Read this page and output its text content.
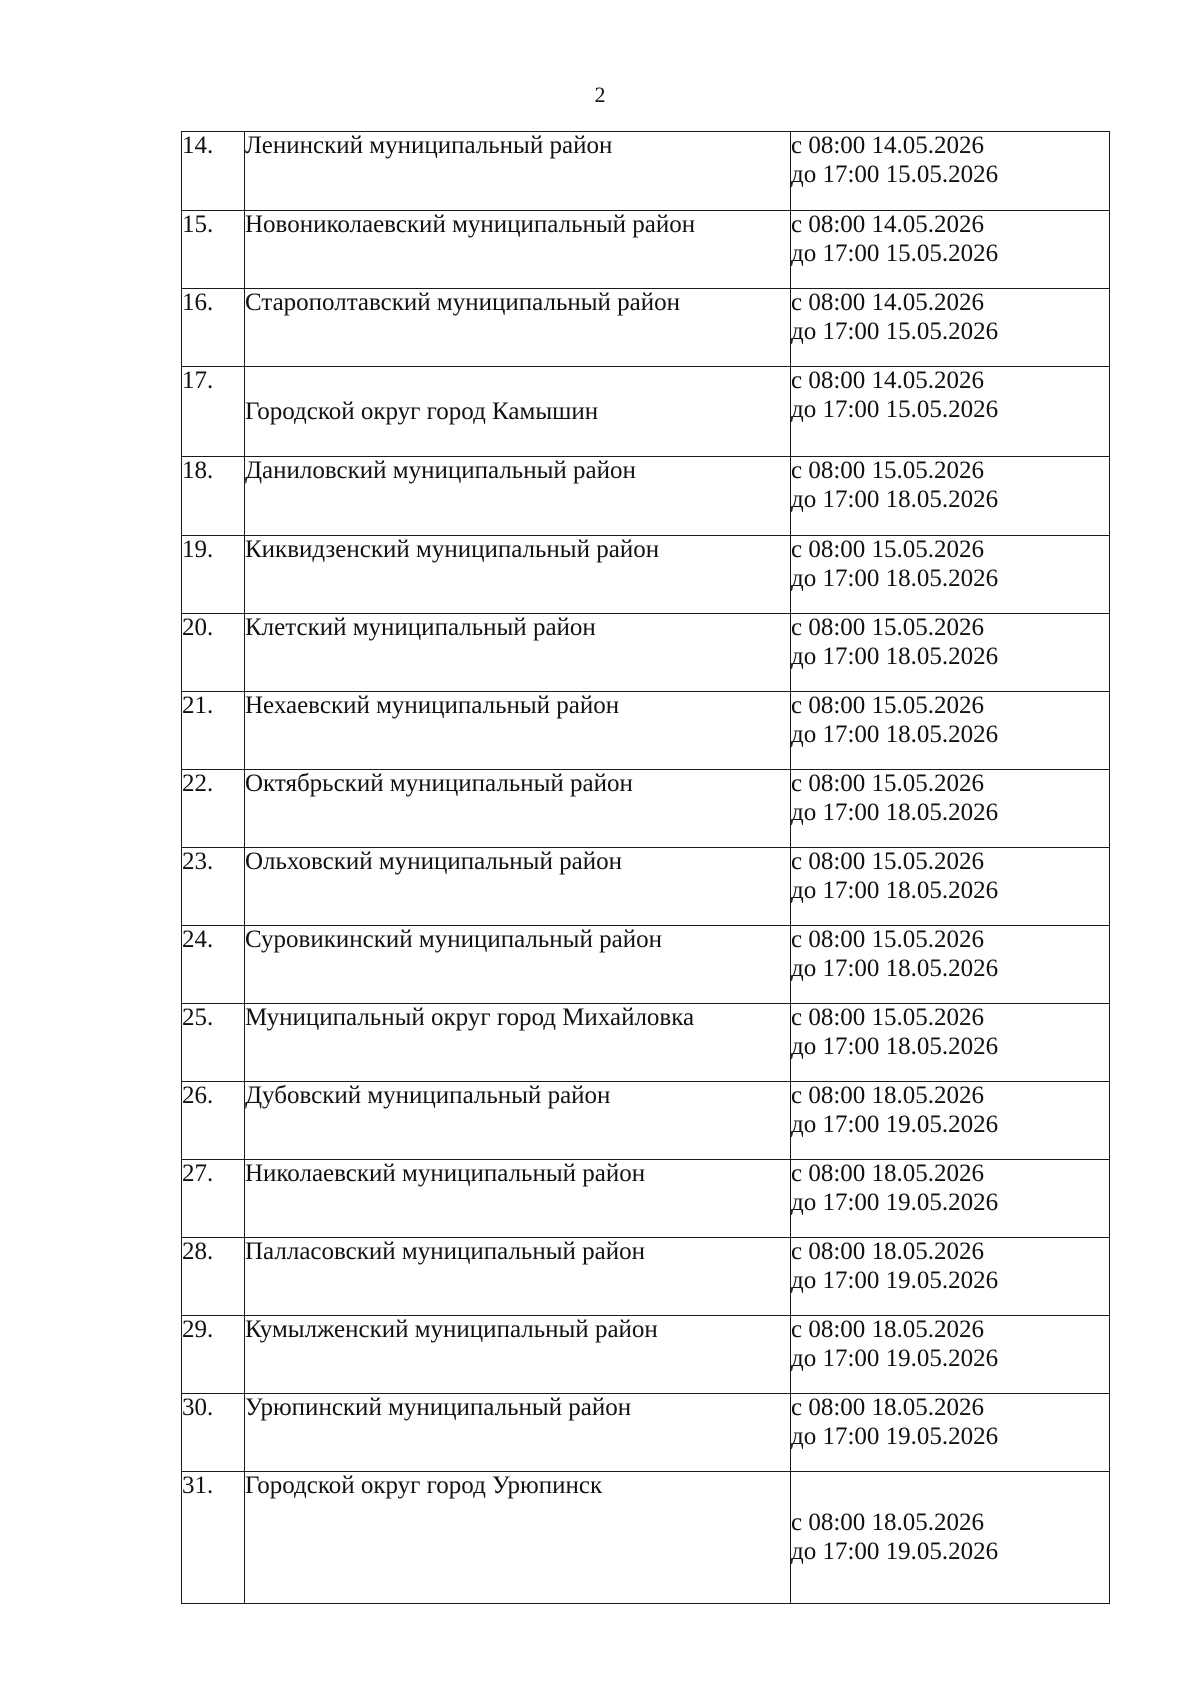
2
14.	Ленинский муниципальный район	с 08:00 14.05.2026
до 17:00 15.05.2026

15.	Новониколаевский муниципальный район	с 08:00 14.05.2026
до 17:00 15.05.2026

16.	Старополтавский муниципальный район	с 08:00 14.05.2026
до 17:00 15.05.2026

17.	Городской округ город Камышин	с 08:00 14.05.2026
до 17:00 15.05.2026

18.	Даниловский муниципальный район	с 08:00 15.05.2026
до 17:00 18.05.2026

19.	Киквидзенский муниципальный район	с 08:00 15.05.2026
до 17:00 18.05.2026

20.	Клетский муниципальный район	с 08:00 15.05.2026
до 17:00 18.05.2026

21.	Нехаевский муниципальный район	с 08:00 15.05.2026
до 17:00 18.05.2026

22.	Октябрьский муниципальный район	с 08:00 15.05.2026
до 17:00 18.05.2026

23.	Ольховский муниципальный район	с 08:00 15.05.2026
до 17:00 18.05.2026

24.	Суровикинский муниципальный район	с 08:00 15.05.2026
до 17:00 18.05.2026

25.	Муниципальный округ город Михайловка	с 08:00 15.05.2026
до 17:00 18.05.2026

26.	Дубовский муниципальный район	с 08:00 18.05.2026
до 17:00 19.05.2026

27.	Николаевский муниципальный район	с 08:00 18.05.2026
до 17:00 19.05.2026

28.	Палласовский муниципальный район	с 08:00 18.05.2026
до 17:00 19.05.2026

29.	Кумылженский муниципальный район	с 08:00 18.05.2026
до 17:00 19.05.2026

30.	Урюпинский муниципальный район	с 08:00 18.05.2026
до 17:00 19.05.2026

31.	Городской округ город Урюпинск	с 08:00 18.05.2026
до 17:00 19.05.2026
